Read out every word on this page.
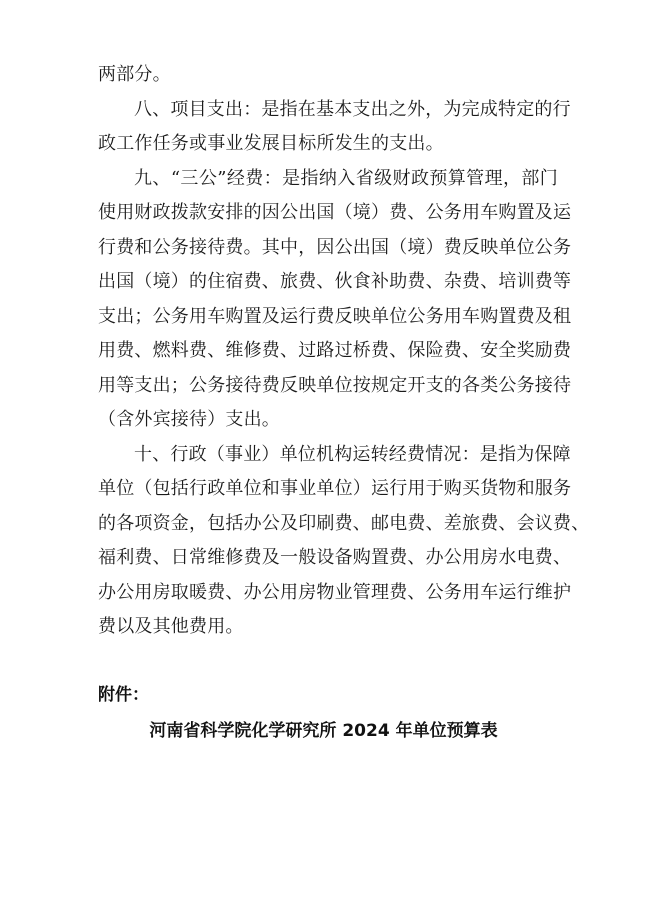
两部分。
八、项目支出：是指在基本支出之外，为完成特定的行
政工作任务或事业发展目标所发生的支出。
九、“三公”经费：是指纳入省级财政预算管理，部门
使用财政拨款安排的因公出国（境）费、公务用车购置及运
行费和公务接待费。其中，因公出国（境）费反映单位公务
出国（境）的住宿费、旅费、伙食补助费、杂费、培训费等
支出；公务用车购置及运行费反映单位公务用车购置费及租
用费、燃料费、维修费、过路过桥费、保险费、安全奖励费
用等支出；公务接待费反映单位按规定开支的各类公务接待
（含外宾接待）支出。
十、行政（事业）单位机构运转经费情况：是指为保障
单位（包括行政单位和事业单位）运行用于购买货物和服务
的各项资金，包括办公及印刷费、邮电费、差旅费、会议费、
福利费、日常维修费及一般设备购置费、办公用房水电费、
办公用房取暖费、办公用房物业管理费、公务用车运行维护
费以及其他费用。
附件：
河南省科学院化学研究所 2024 年单位预算表
